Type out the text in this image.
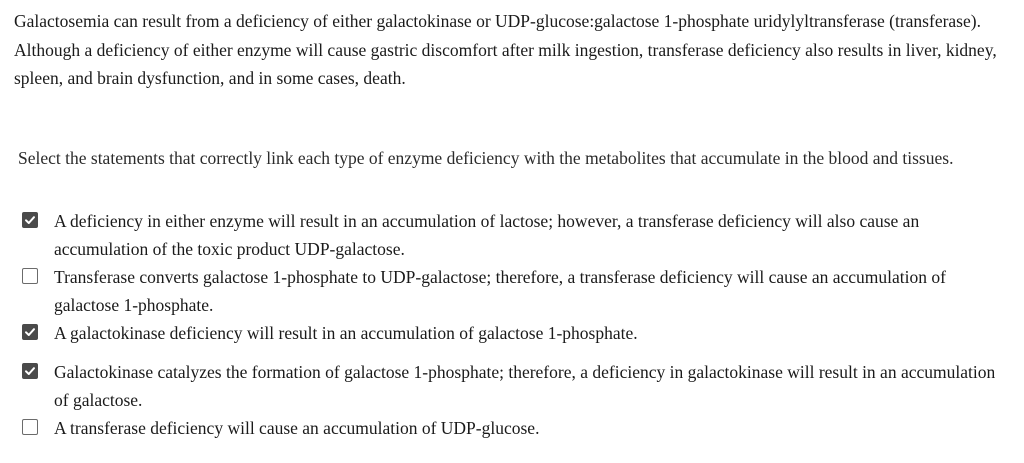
Galactosemia can result from a deficiency of either galactokinase or UDP-glucose:galactose 1-phosphate uridylyltransferase (transferase). Although a deficiency of either enzyme will cause gastric discomfort after milk ingestion, transferase deficiency also results in liver, kidney, spleen, and brain dysfunction, and in some cases, death.

Select the statements that correctly link each type of enzyme deficiency with the metabolites that accumulate in the blood and tissues.

A deficiency in either enzyme will result in an accumulation of lactose; however, a transferase deficiency will also cause an accumulation of the toxic product UDP-galactose.
Transferase converts galactose 1-phosphate to UDP-galactose; therefore, a transferase deficiency will cause an accumulation of galactose 1-phosphate.
A galactokinase deficiency will result in an accumulation of galactose 1-phosphate.
Galactokinase catalyzes the formation of galactose 1-phosphate; therefore, a deficiency in galactokinase will result in an accumulation of galactose.
A transferase deficiency will cause an accumulation of UDP-glucose.
